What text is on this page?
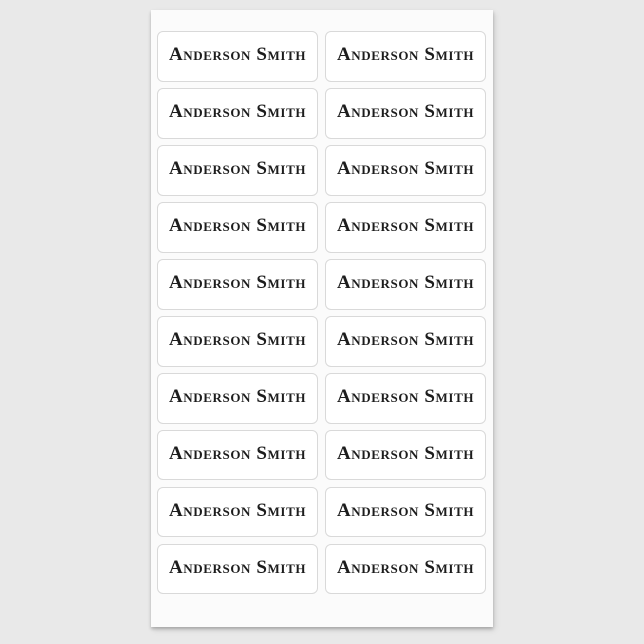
Anderson Smith Anderson Smith
Anderson Smith Anderson Smith
Anderson Smith Anderson Smith
Anderson Smith Anderson Smith
Anderson Smith Anderson Smith
Anderson Smith Anderson Smith
Anderson Smith Anderson Smith
Anderson Smith Anderson Smith
Anderson Smith Anderson Smith
Anderson Smith Anderson Smith
